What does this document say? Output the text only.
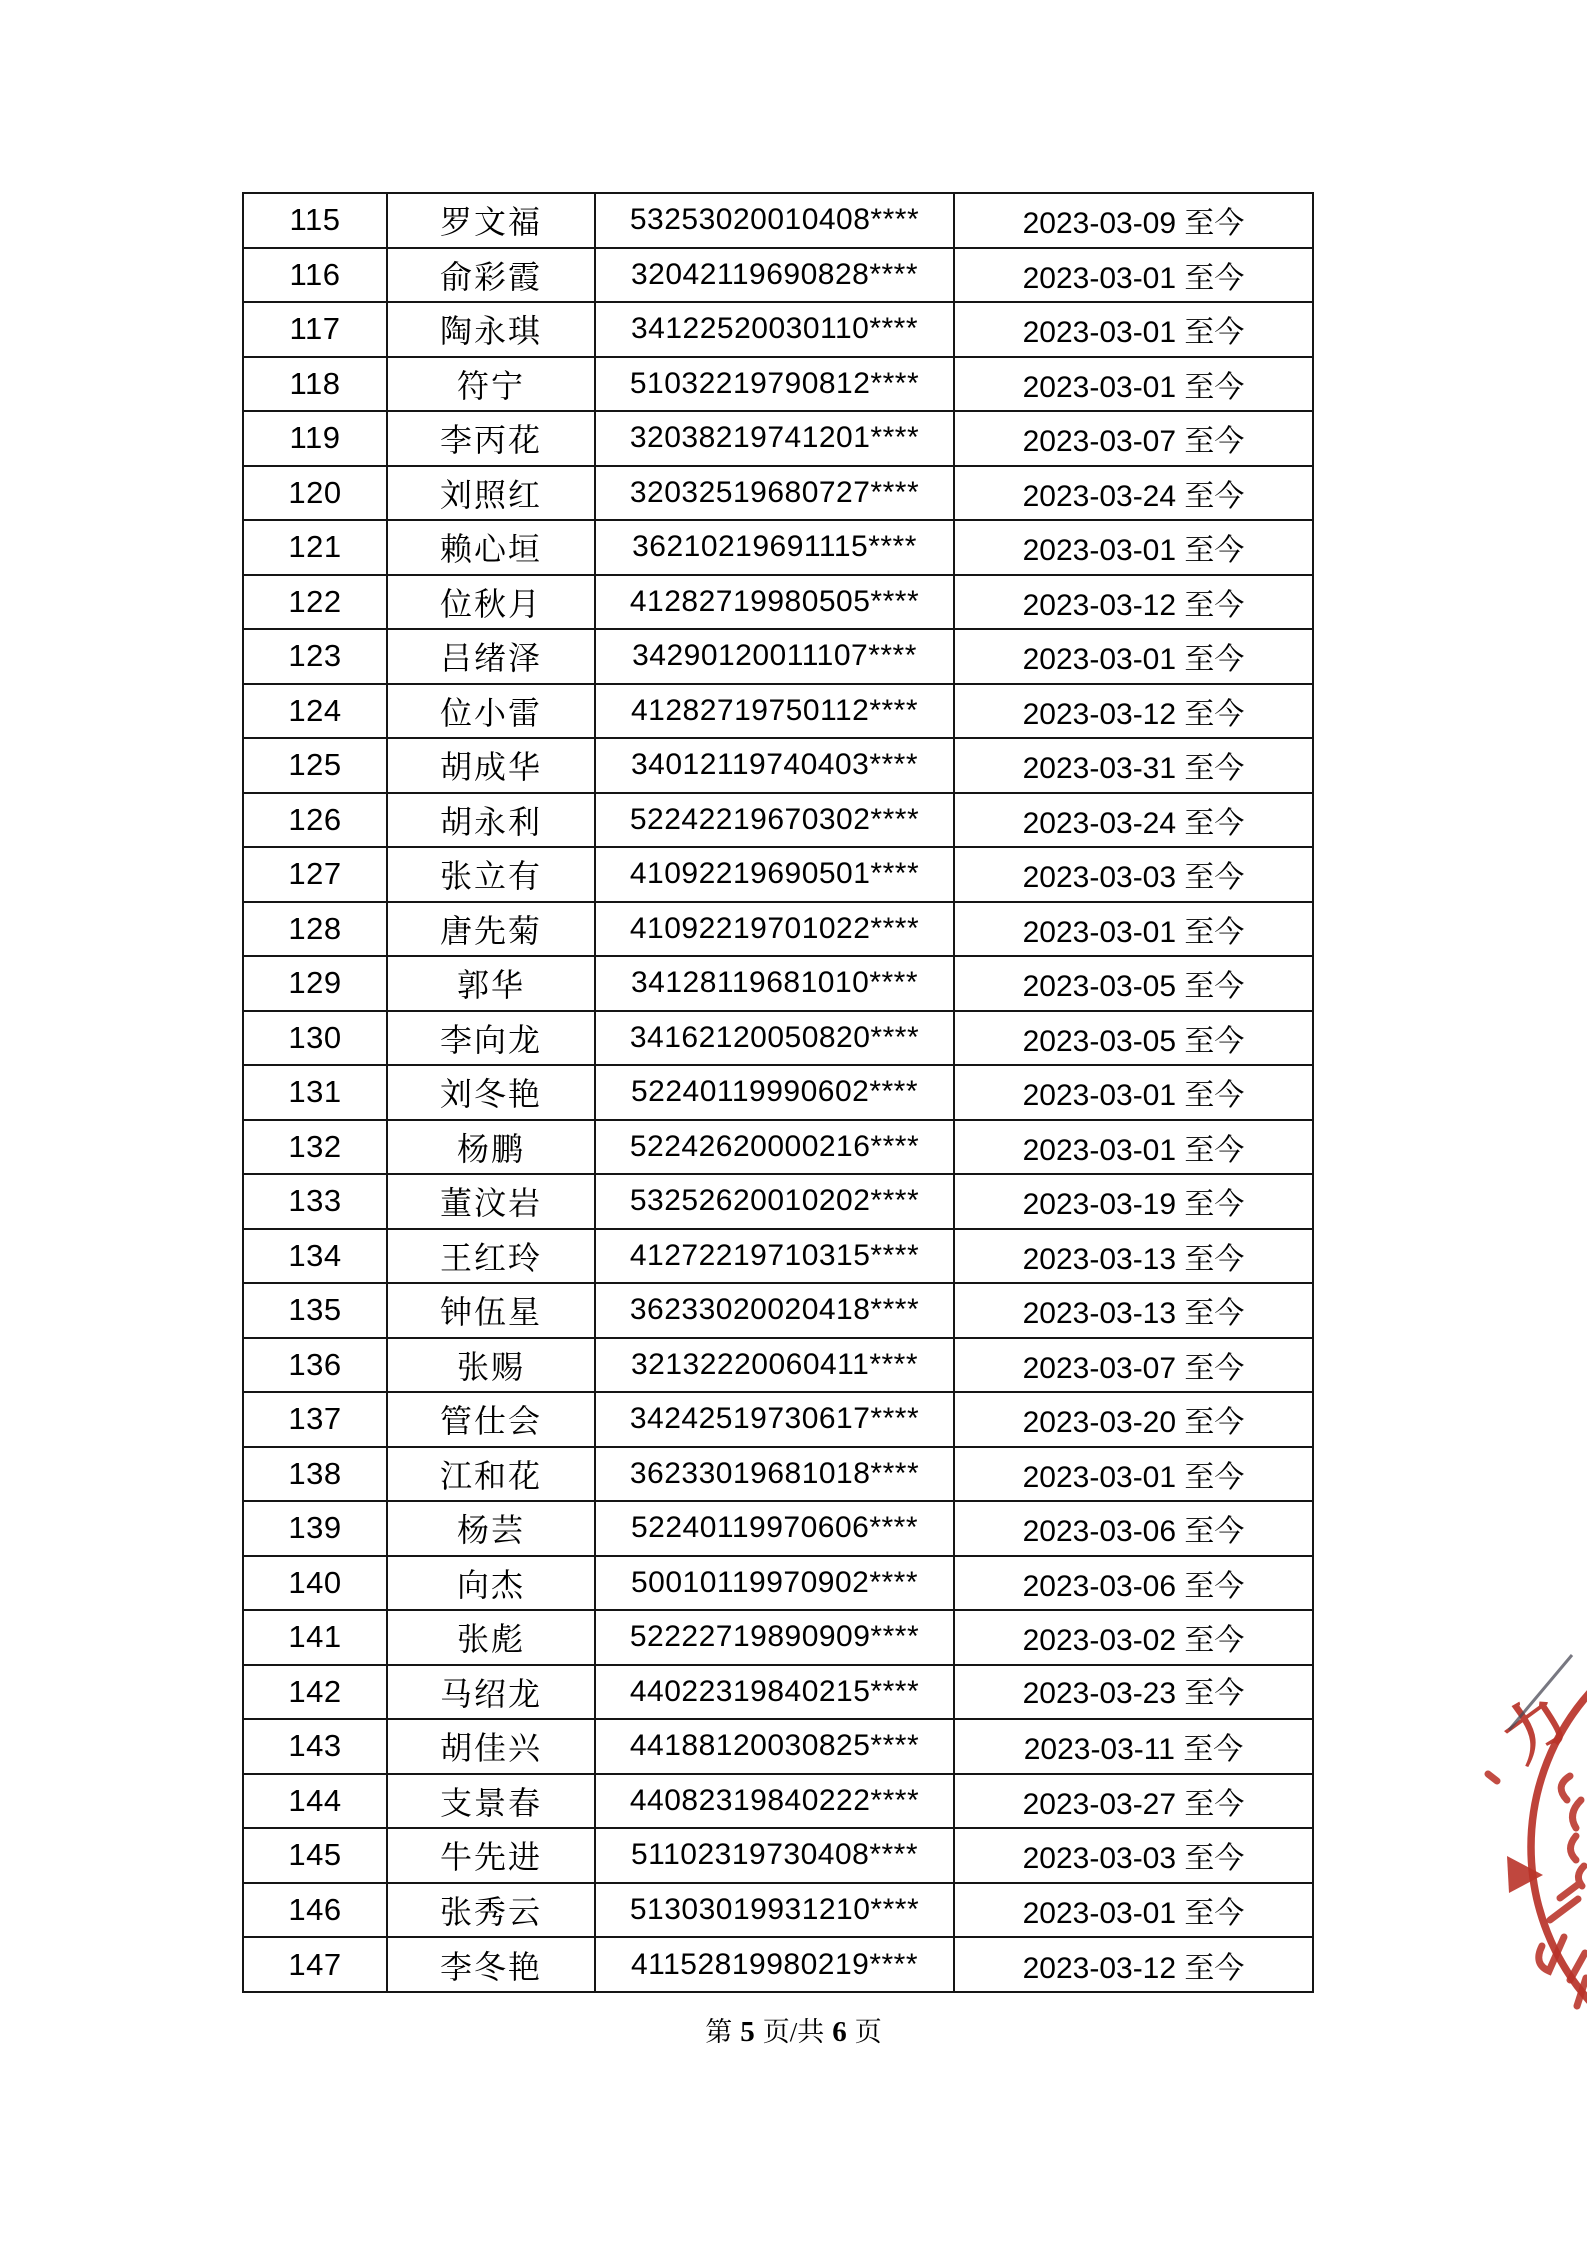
115	罗文福	53253020010408****	2023-03-09 至今
116	俞彩霞	32042119690828****	2023-03-01 至今
117	陶永琪	34122520030110****	2023-03-01 至今
118	符宁	51032219790812****	2023-03-01 至今
119	李丙花	32038219741201****	2023-03-07 至今
120	刘照红	32032519680727****	2023-03-24 至今
121	赖心垣	36210219691115****	2023-03-01 至今
122	位秋月	41282719980505****	2023-03-12 至今
123	吕绪泽	34290120011107****	2023-03-01 至今
124	位小雷	41282719750112****	2023-03-12 至今
125	胡成华	34012119740403****	2023-03-31 至今
126	胡永利	52242219670302****	2023-03-24 至今
127	张立有	41092219690501****	2023-03-03 至今
128	唐先菊	41092219701022****	2023-03-01 至今
129	郭华	34128119681010****	2023-03-05 至今
130	李向龙	34162120050820****	2023-03-05 至今
131	刘冬艳	52240119990602****	2023-03-01 至今
132	杨鹏	52242620000216****	2023-03-01 至今
133	董汶岩	53252620010202****	2023-03-19 至今
134	王红玲	41272219710315****	2023-03-13 至今
135	钟伍星	36233020020418****	2023-03-13 至今
136	张赐	32132220060411****	2023-03-07 至今
137	管仕会	34242519730617****	2023-03-20 至今
138	江和花	36233019681018****	2023-03-01 至今
139	杨芸	52240119970606****	2023-03-06 至今
140	向杰	50010119970902****	2023-03-06 至今
141	张彪	52222719890909****	2023-03-02 至今
142	马绍龙	44022319840215****	2023-03-23 至今
143	胡佳兴	44188120030825****	2023-03-11 至今
144	支景春	44082319840222****	2023-03-27 至今
145	牛先进	51102319730408****	2023-03-03 至今
146	张秀云	51303019931210****	2023-03-01 至今
147	李冬艳	41152819980219****	2023-03-12 至今
第 5 页/共 6 页
力
